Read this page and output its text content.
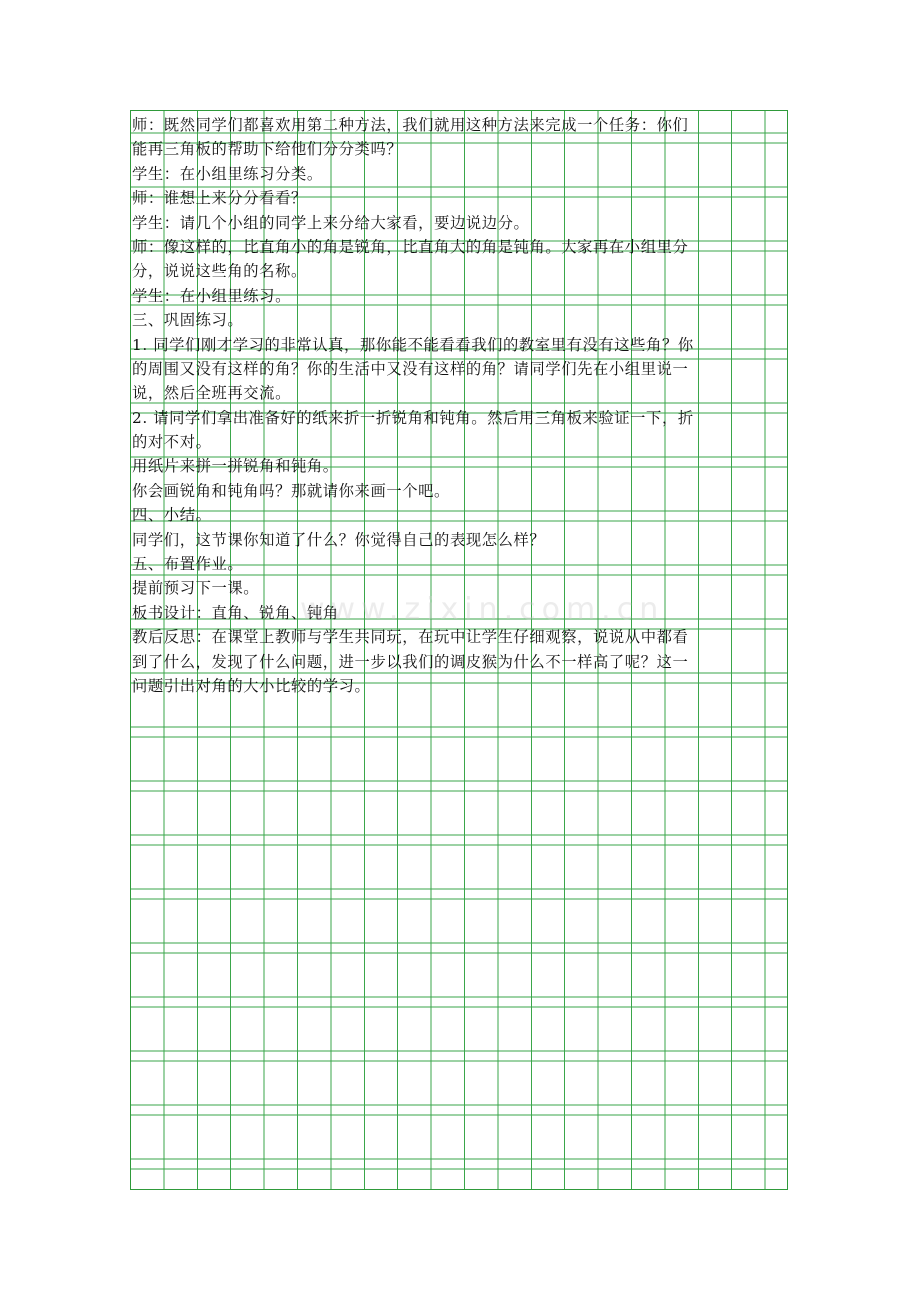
www.zixin.com.cn
师：既然同学们都喜欢用第二种方法，我们就用这种方法来完成一个任务：你们
能再三角板的帮助下给他们分分类吗？
学生：在小组里练习分类。
师：谁想上来分分看看？
学生：请几个小组的同学上来分给大家看，要边说边分。
师：像这样的，比直角小的角是锐角，比直角大的角是钝角。大家再在小组里分
分，说说这些角的名称。
学生：在小组里练习。
三、巩固练习。
1. 同学们刚才学习的非常认真，那你能不能看看我们的教室里有没有这些角？你
的周围又没有这样的角？你的生活中又没有这样的角？请同学们先在小组里说一
说，然后全班再交流。
2. 请同学们拿出准备好的纸来折一折锐角和钝角。然后用三角板来验证一下，折
的对不对。
用纸片来拼一拼锐角和钝角。
你会画锐角和钝角吗？那就请你来画一个吧。
四、小结。
同学们，这节课你知道了什么？你觉得自己的表现怎么样？
五、布置作业。
提前预习下一课。
板书设计：直角、锐角、钝角
教后反思：在课堂上教师与学生共同玩，在玩中让学生仔细观察，说说从中都看
到了什么，发现了什么问题，进一步以我们的调皮猴为什么不一样高了呢？这一
问题引出对角的大小比较的学习。
